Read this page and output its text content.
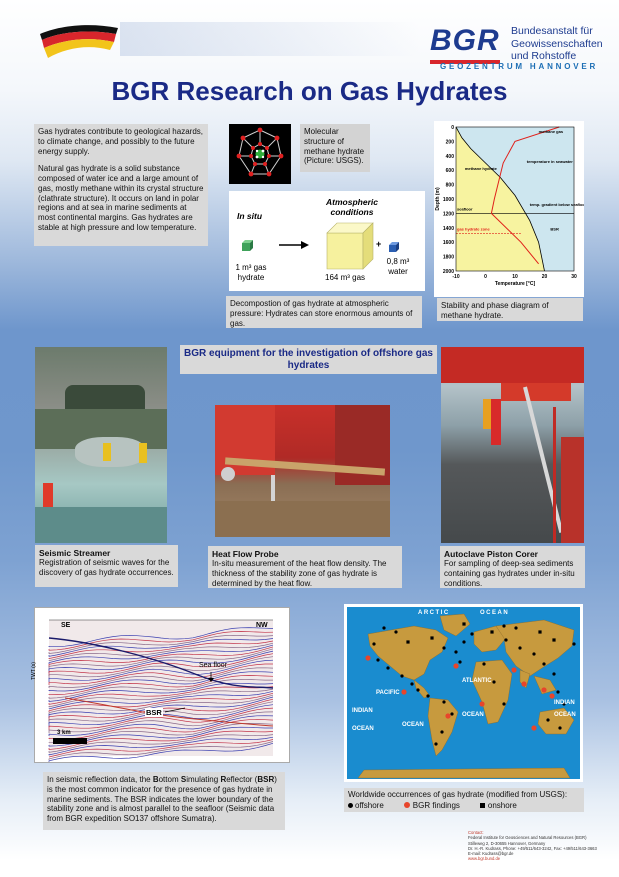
BGR Bundesanstalt für
Geowissenschaften
und Rohstoffe
GEOZENTRUM HANNOVER
BGR Research on Gas Hydrates
Gas hydrates contribute to geological hazards, to climate change, and possibly to the future energy supply.
Natural gas hydrate is a solid substance composed of water ice and a large amount of gas, mostly methane within its crystal structure (clathrate structure). It occurs on land in polar regions and at sea in marine sediments at most continental margins. Gas hydrates are stable at high pressure and low temperature.
Molecular structure of methane hydrate (Picture: USGS).
In situ
Atmospheric conditions
+
1 m³ gas hydrate	164 m³ gas
0,8 m³ water
Decompostion of gas hydrate at atmospheric pressure: Hydrates can store enormous amounts of gas.
0
200
400
600
800
1000
1200
1400
1600
1800
2000
-10	0	10	20	30
Temperature [°C]
Depth (m)
methane gas
methane hydrate
temperature in seawater
seafloor
temp. gradient below seafloor
gas hydrate zone	BSR
Stability and phase diagram of methane hydrate.
BGR equipment for the investigation of offshore gas hydrates
Seismic Streamer
Registration of seismic waves for the discovery of gas hydrate occurrences.
Heat Flow Probe
In-situ measurement of the heat flow density. The thickness of the stability zone of gas hydrate is determined by the heat flow.
Autoclave Piston Corer
For sampling of deep-sea sediments containing gas hydrates under in-situ conditions.
SE	NW
Sea floor
BSR
3 km
TWT (s)
In seismic reflection data, the Bottom Simulating Reflector (BSR) is the most common indicator for the presence of gas hydrate in marine sediments. The BSR indicates the lower boundary of the stability zone and is almost parallel to the seafloor (Seismic data from BGR expedition SO137 offshore Sumatra).
ARCTIC	OCEAN
PACIFIC
ATLANTIC
INDIAN
OCEAN
OCEAN
OCEAN
INDIAN
OCEAN
Worldwide occurrences of gas hydrate (modified from USGS):
offshore	BGR findings	onshore
Contact:
Federal Institute for Geosciences and Natural Resources (BGR)
Stilleweg 2, D-30655 Hannover, Germany
Dr. H.-R. Kudrass, Phone: +49/511/643-3242, Fax: +49/511/643-3663
E-mail: Kudrass@bgr.de
www.bgr.bund.de
